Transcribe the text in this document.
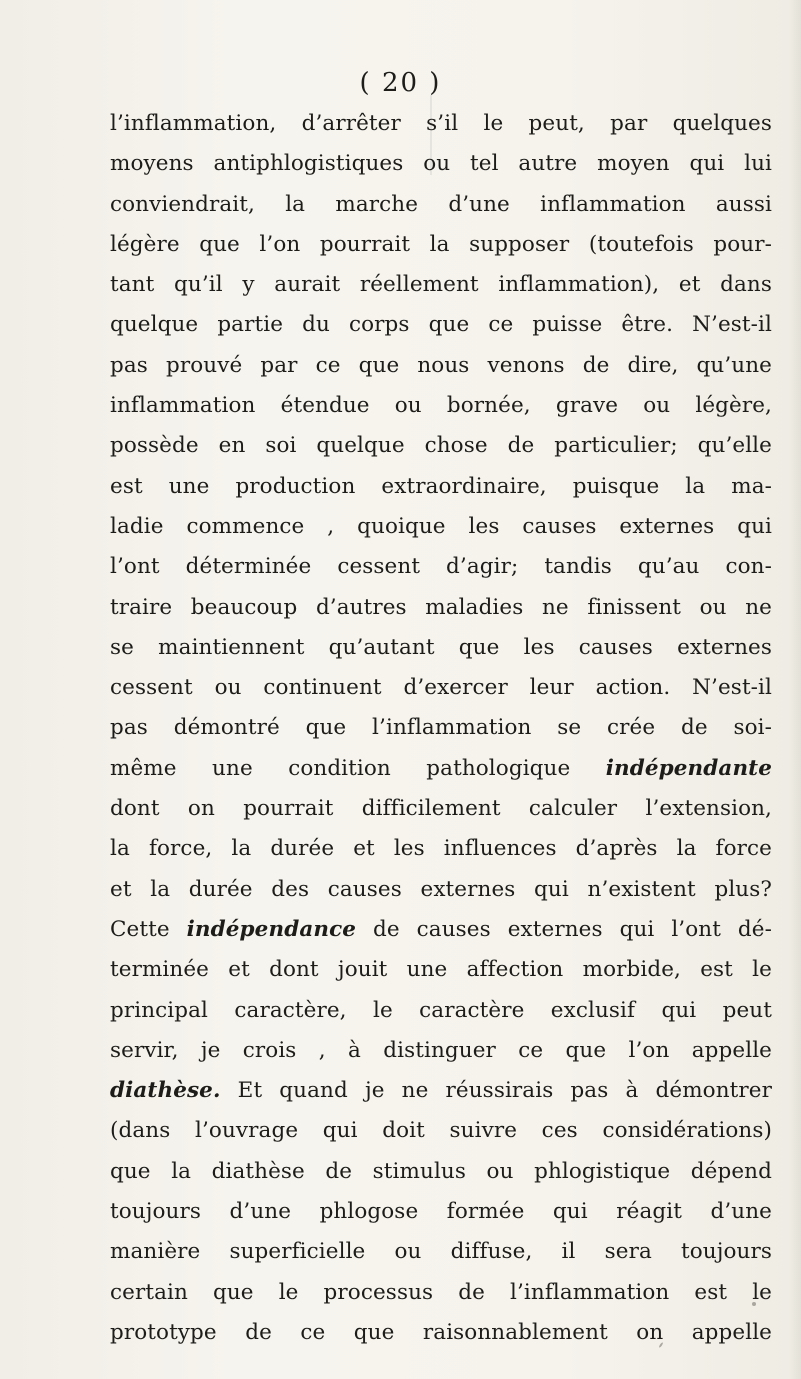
( 20 )
l’inflammation, d’arrêter s’il le peut, par quelques
moyens antiphlogistiques ou tel autre moyen qui lui
conviendrait, la marche d’une inflammation aussi
légère que l’on pourrait la supposer (toutefois pour-
tant qu’il y aurait réellement inflammation), et dans
quelque partie du corps que ce puisse être. N’est-il
pas prouvé par ce que nous venons de dire, qu’une
inflammation étendue ou bornée, grave ou légère,
possède en soi quelque chose de particulier; qu’elle
est une production extraordinaire, puisque la ma-
ladie commence , quoique les causes externes qui
l’ont déterminée cessent d’agir; tandis qu’au con-
traire beaucoup d’autres maladies ne finissent ou ne
se maintiennent qu’autant que les causes externes
cessent ou continuent d’exercer leur action. N’est-il
pas démontré que l’inflammation se crée de soi-
même une condition pathologique indépendante
dont on pourrait difficilement calculer l’extension,
la force, la durée et les influences d’après la force
et la durée des causes externes qui n’existent plus?
Cette indépendance de causes externes qui l’ont dé-
terminée et dont jouit une affection morbide, est le
principal caractère, le caractère exclusif qui peut
servir, je crois , à distinguer ce que l’on appelle
diathèse. Et quand je ne réussirais pas à démontrer
(dans l’ouvrage qui doit suivre ces considérations)
que la diathèse de stimulus ou phlogistique dépend
toujours d’une phlogose formée qui réagit d’une
manière superficielle ou diffuse, il sera toujours
certain que le processus de l’inflammation est le
prototype de ce que raisonnablement on appelle
